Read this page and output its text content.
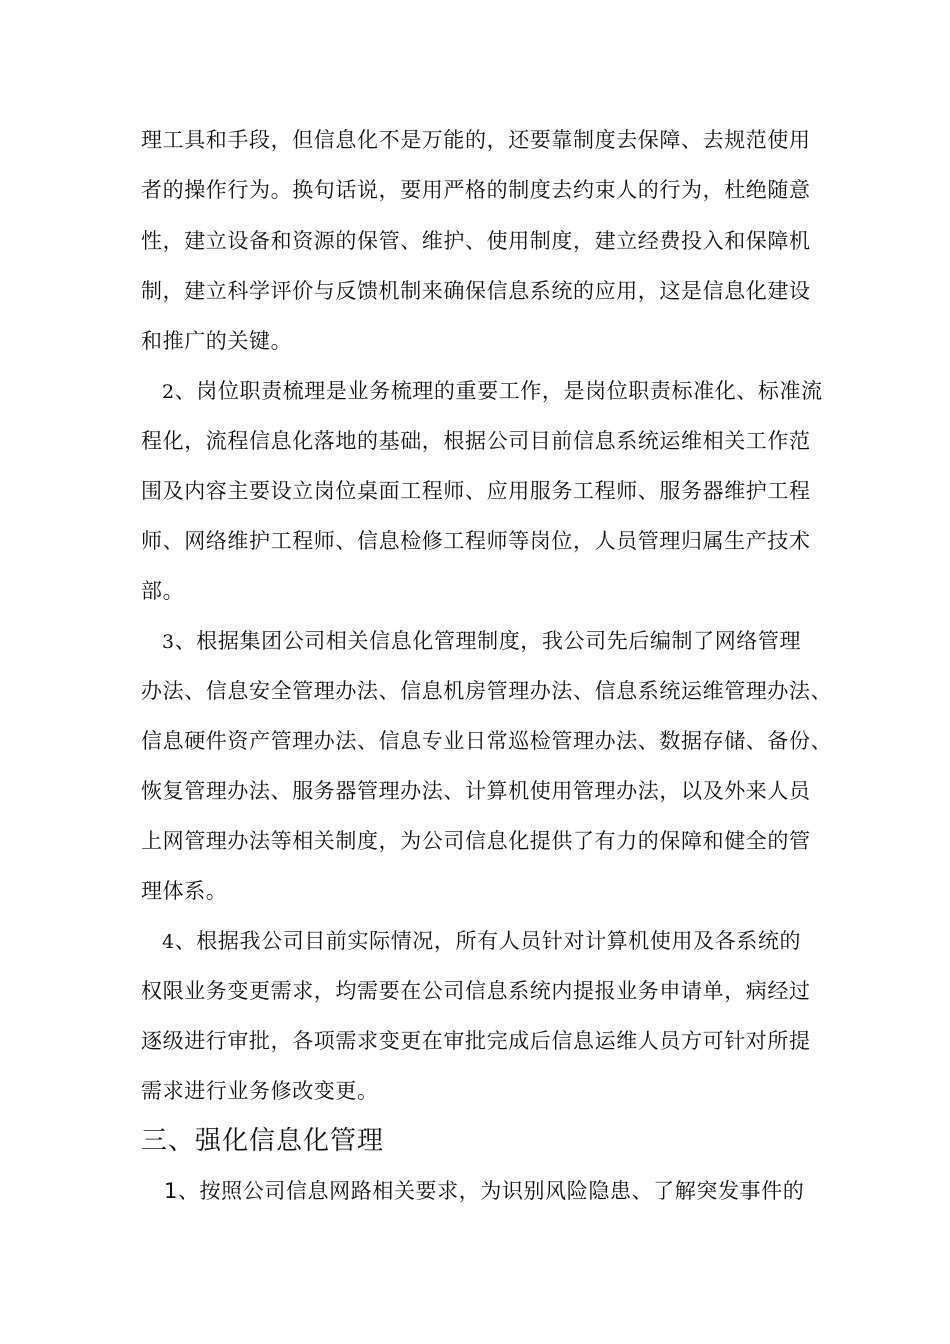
理工具和手段，但信息化不是万能的，还要靠制度去保障、去规范使用
者的操作行为。换句话说，要用严格的制度去约束人的行为，杜绝随意
性，建立设备和资源的保管、维护、使用制度，建立经费投入和保障机
制，建立科学评价与反馈机制来确保信息系统的应用，这是信息化建设
和推广的关键。
2、岗位职责梳理是业务梳理的重要工作，是岗位职责标准化、标准流
程化，流程信息化落地的基础，根据公司目前信息系统运维相关工作范
围及内容主要设立岗位桌面工程师、应用服务工程师、服务器维护工程
师、网络维护工程师、信息检修工程师等岗位，人员管理归属生产技术
部。
3、根据集团公司相关信息化管理制度，我公司先后编制了网络管理
办法、信息安全管理办法、信息机房管理办法、信息系统运维管理办法、
信息硬件资产管理办法、信息专业日常巡检管理办法、数据存储、备份、
恢复管理办法、服务器管理办法、计算机使用管理办法，以及外来人员
上网管理办法等相关制度，为公司信息化提供了有力的保障和健全的管
理体系。
4、根据我公司目前实际情况，所有人员针对计算机使用及各系统的
权限业务变更需求，均需要在公司信息系统内提报业务申请单，病经过
逐级进行审批，各项需求变更在审批完成后信息运维人员方可针对所提
需求进行业务修改变更。
三、强化信息化管理
1、按照公司信息网路相关要求，为识别风险隐患、了解突发事件的
